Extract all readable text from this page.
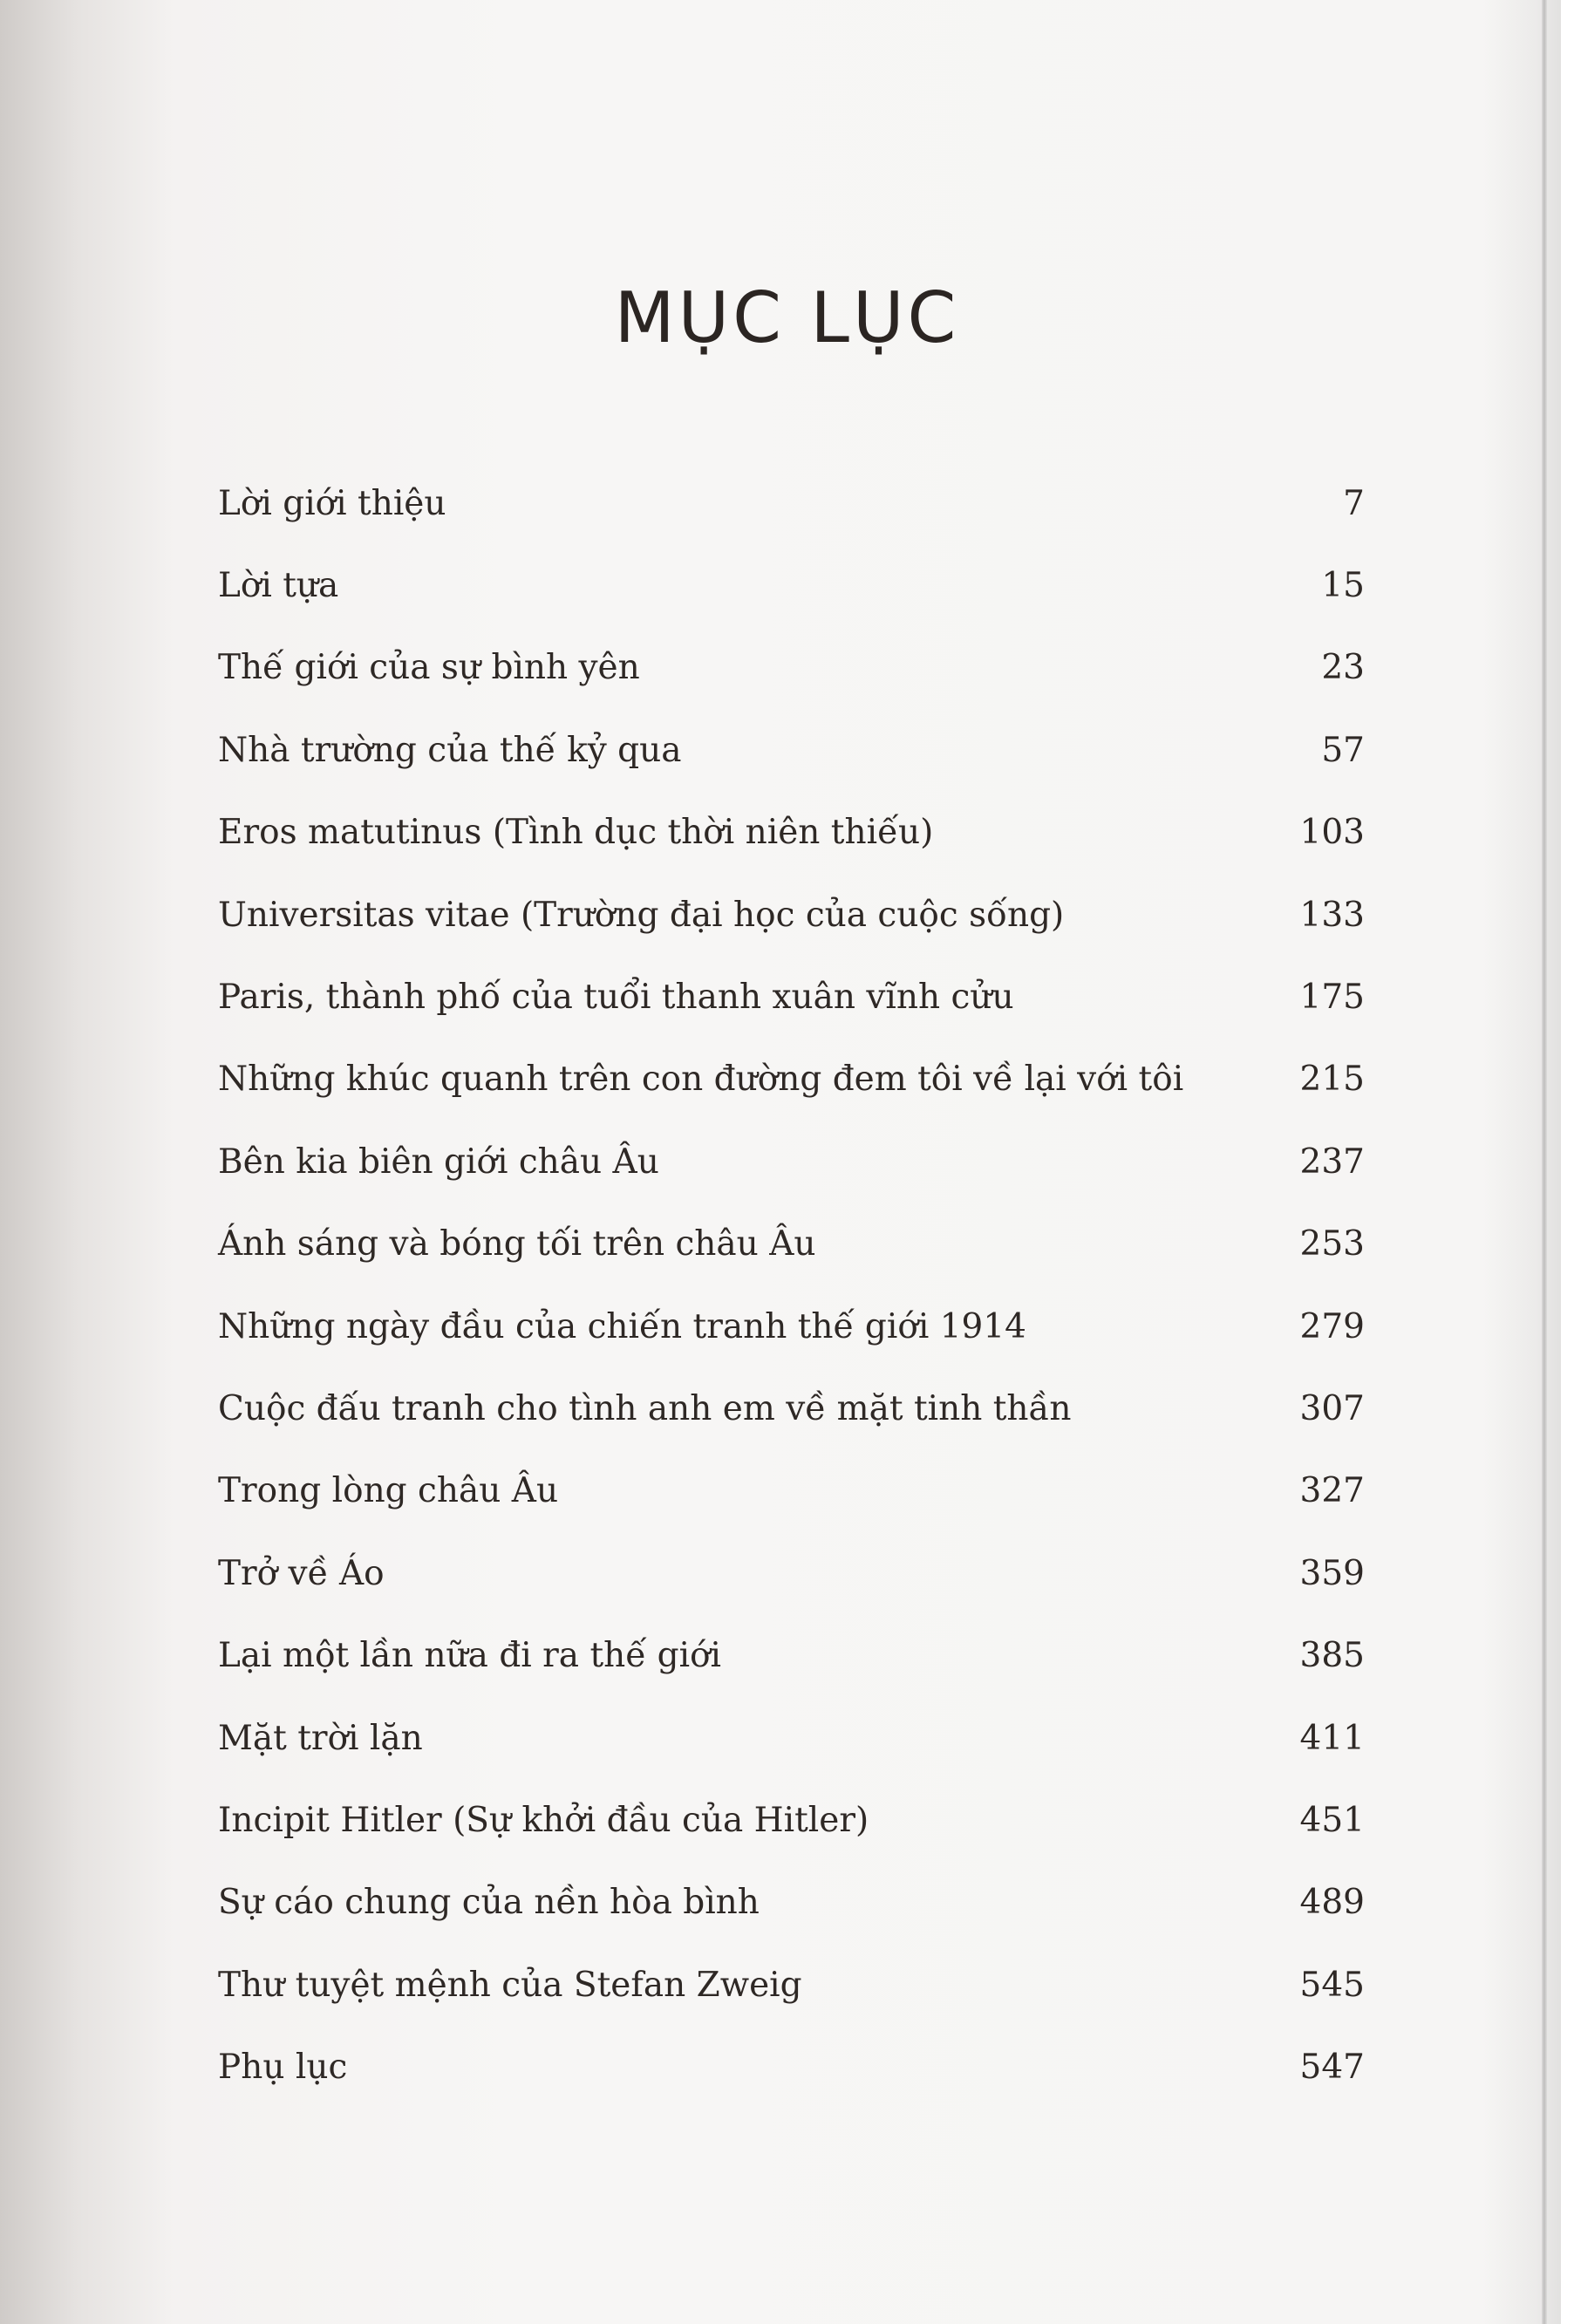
MỤC LỤC
Lời giới thiệu	7
Lời tựa	15
Thế giới của sự bình yên	23
Nhà trường của thế kỷ qua	57
Eros matutinus (Tình dục thời niên thiếu)	103
Universitas vitae (Trường đại học của cuộc sống)	133
Paris, thành phố của tuổi thanh xuân vĩnh cửu	175
Những khúc quanh trên con đường đem tôi về lại với tôi	215
Bên kia biên giới châu Âu	237
Ánh sáng và bóng tối trên châu Âu	253
Những ngày đầu của chiến tranh thế giới 1914	279
Cuộc đấu tranh cho tình anh em về mặt tinh thần	307
Trong lòng châu Âu	327
Trở về Áo	359
Lại một lần nữa đi ra thế giới	385
Mặt trời lặn	411
Incipit Hitler (Sự khởi đầu của Hitler)	451
Sự cáo chung của nền hòa bình	489
Thư tuyệt mệnh của Stefan Zweig	545
Phụ lục	547
